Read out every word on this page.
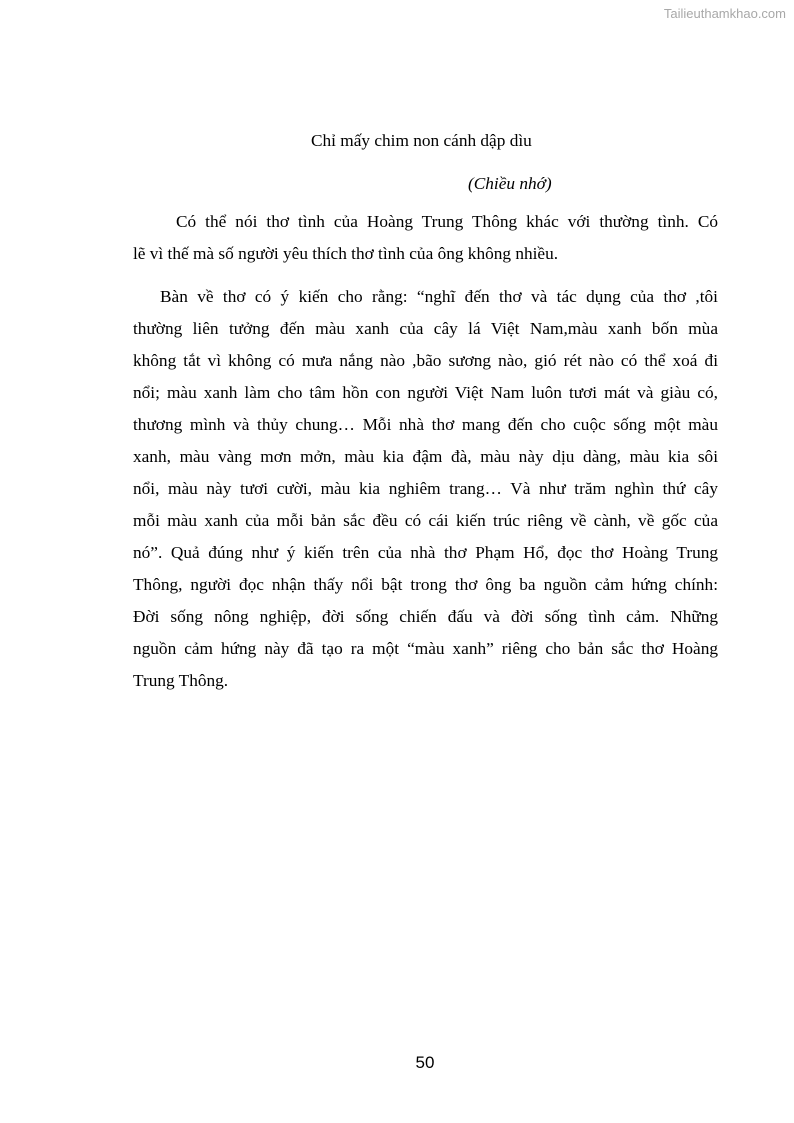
Tailieuthamkhao.com
Chỉ mấy chim non cánh dập dìu
(Chiều nhớ)
Có thể nói thơ tình của Hoàng Trung Thông khác với thường tình. Có
lẽ vì thế mà số người yêu thích thơ tình của ông không nhiều.
Bàn về thơ có ý kiến cho rằng: “nghĩ đến thơ và tác dụng của thơ ,tôi
thường liên tưởng đến màu xanh của cây lá Việt Nam,màu xanh bốn mùa
không tắt vì không có mưa nắng nào ,bão sương nào, gió rét nào có thể xoá đi
nổi; màu xanh làm cho tâm hồn con người Việt Nam luôn tươi mát và giàu có,
thương mình và thủy chung… Mỗi nhà thơ mang đến cho cuộc sống một màu
xanh, màu vàng mơn mởn, màu kia đậm đà, màu này dịu dàng, màu kia sôi
nổi, màu này tươi cười, màu kia nghiêm trang… Và như trăm nghìn thứ cây
mỗi màu xanh của mỗi bản sắc đều có cái kiến trúc riêng về cành, về gốc của
nó”. Quả đúng như ý kiến trên của nhà thơ Phạm Hổ, đọc thơ Hoàng Trung
Thông, người đọc nhận thấy nổi bật trong thơ ông ba nguồn cảm hứng chính:
Đời sống nông nghiệp, đời sống chiến đấu và đời sống tình cảm. Những
nguồn cảm hứng này đã tạo ra một “màu xanh” riêng cho bản sắc thơ Hoàng
Trung Thông.
50
